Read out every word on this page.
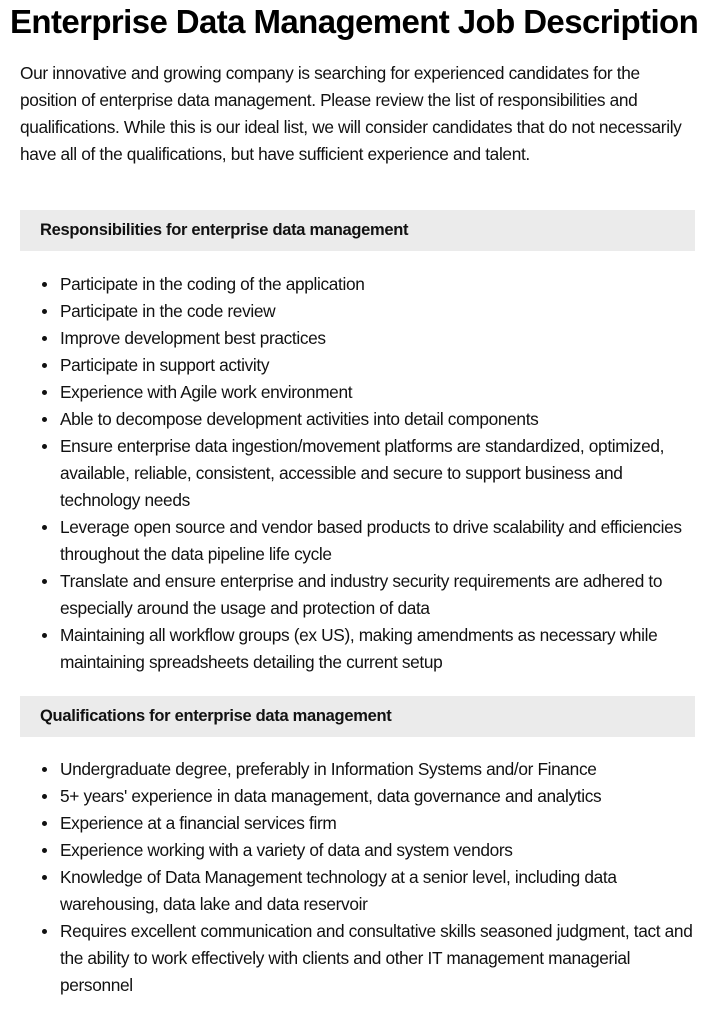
Enterprise Data Management Job Description

Our innovative and growing company is searching for experienced candidates for the position of enterprise data management. Please review the list of responsibilities and qualifications. While this is our ideal list, we will consider candidates that do not necessarily have all of the qualifications, but have sufficient experience and talent.

Responsibilities for enterprise data management
Participate in the coding of the application
Participate in the code review
Improve development best practices
Participate in support activity
Experience with Agile work environment
Able to decompose development activities into detail components
Ensure enterprise data ingestion/movement platforms are standardized, optimized, available, reliable, consistent, accessible and secure to support business and technology needs
Leverage open source and vendor based products to drive scalability and efficiencies throughout the data pipeline life cycle
Translate and ensure enterprise and industry security requirements are adhered to especially around the usage and protection of data
Maintaining all workflow groups (ex US), making amendments as necessary while maintaining spreadsheets detailing the current setup
Qualifications for enterprise data management
Undergraduate degree, preferably in Information Systems and/or Finance
5+ years' experience in data management, data governance and analytics
Experience at a financial services firm
Experience working with a variety of data and system vendors
Knowledge of Data Management technology at a senior level, including data warehousing, data lake and data reservoir
Requires excellent communication and consultative skills seasoned judgment, tact and the ability to work effectively with clients and other IT management managerial personnel
